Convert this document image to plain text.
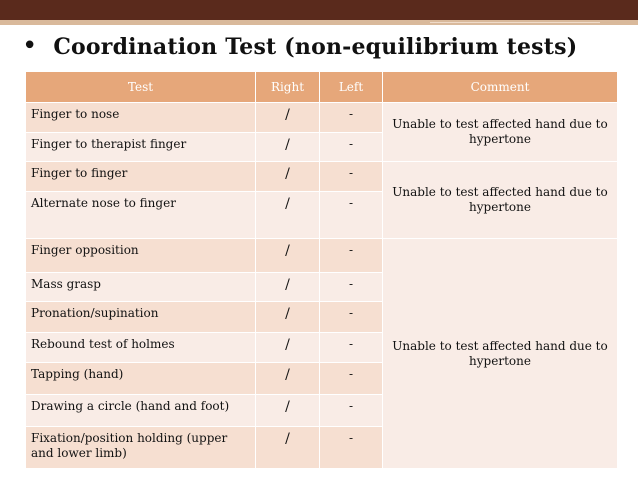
• Coordination Test (non-equilibrium tests)
Test	Right	Left	Comment
Finger to nose	/	-	Unable to test affected hand due to hypertone
Finger to therapist finger	/	-	
Finger to finger	/	-	Unable to test affected hand due to hypertone
Alternate nose to finger	/	-	
Finger opposition	/	-	Unable to test affected hand due to hypertone
Mass grasp	/	-	
Pronation/supination	/	-	
Rebound test of holmes	/	-	
Tapping (hand)	/	-	
Drawing a circle (hand and foot)	/	-	
Fixation/position holding (upper and lower limb)	/	-	
